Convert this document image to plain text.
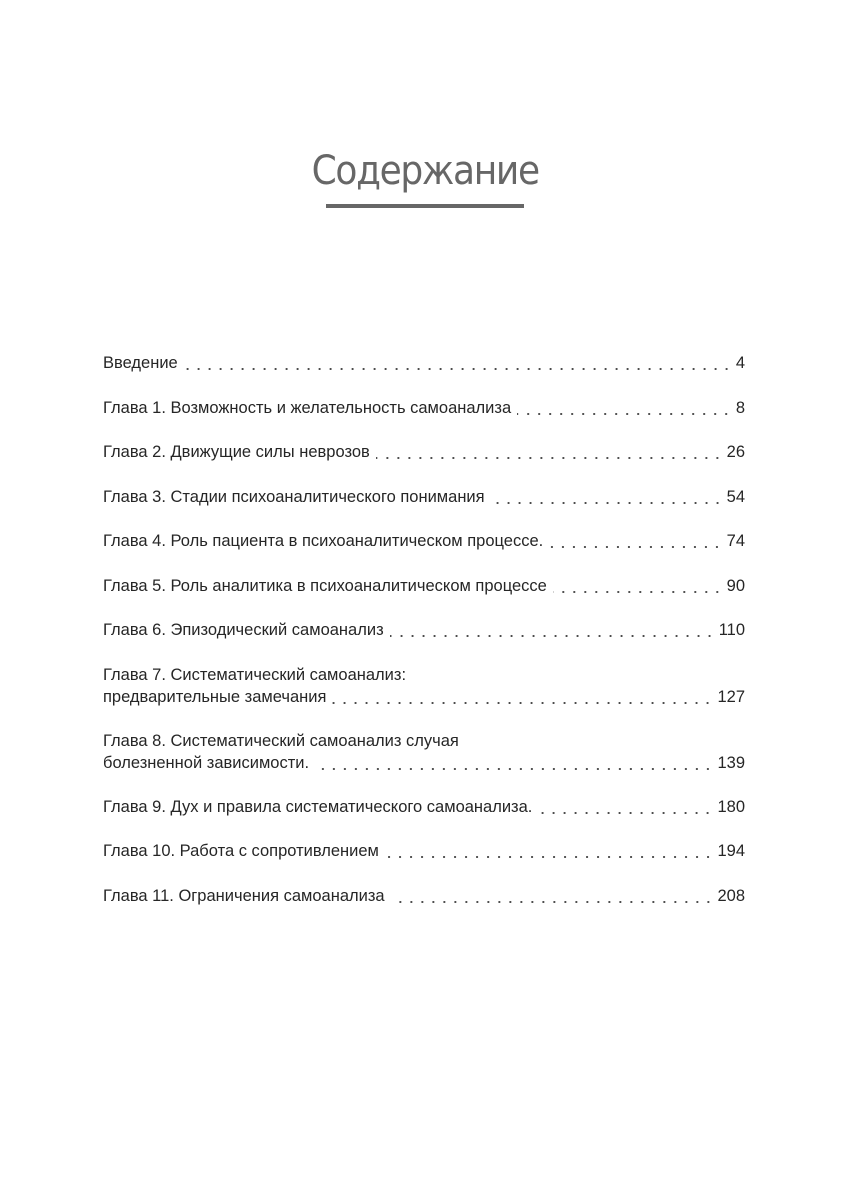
Содержание
Введение	4
Глава 1. Возможность и желательность самоанализа	8
Глава 2. Движущие силы неврозов	26
Глава 3. Стадии психоаналитического понимания	54
Глава 4. Роль пациента в психоаналитическом процессе.	74
Глава 5. Роль аналитика в психоаналитическом процессе	90
Глава 6. Эпизодический самоанализ	110
Глава 7. Систематический самоанализ:
предварительные замечания	127
Глава 8. Систематический самоанализ случая
болезненной зависимости.	139
Глава 9. Дух и правила систематического самоанализа.	180
Глава 10. Работа с сопротивлением	194
Глава 11. Ограничения самоанализа	208
